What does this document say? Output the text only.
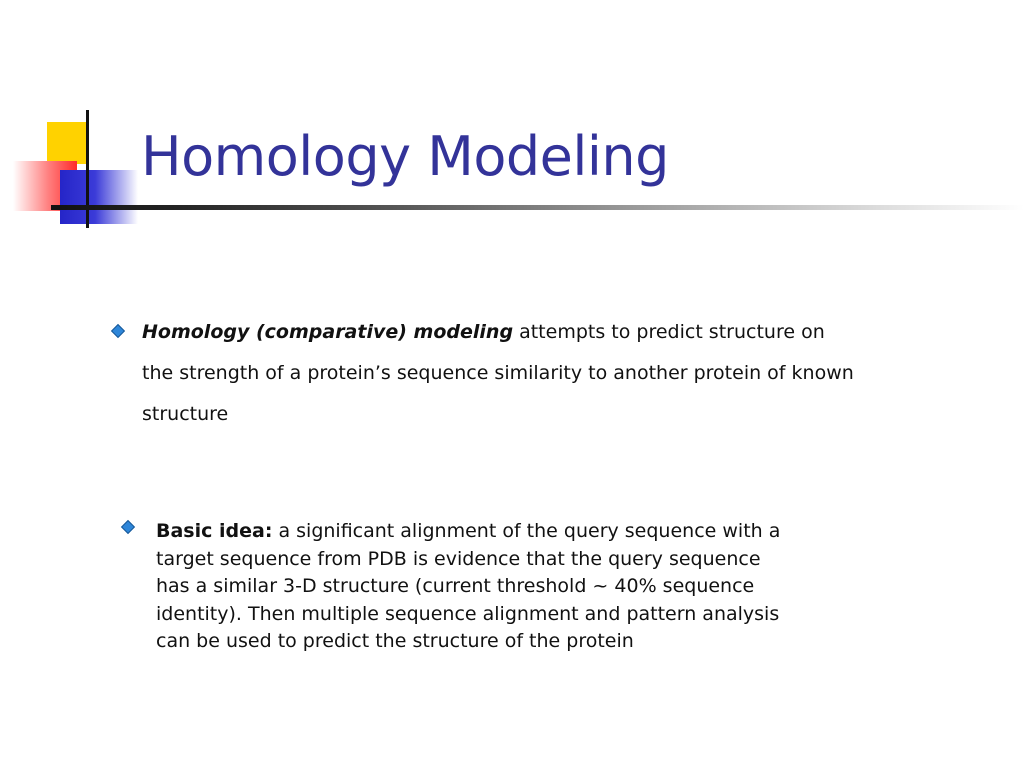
Homology Modeling

Homology (comparative) modeling attempts to predict structure on
the strength of a protein’s sequence similarity to another protein of known
structure

Basic idea: a significant alignment of the query sequence with a
target sequence from PDB is evidence that the query sequence
has a similar 3-D structure (current threshold ~ 40% sequence
identity). Then multiple sequence alignment and pattern analysis
can be used to predict the structure of the protein
